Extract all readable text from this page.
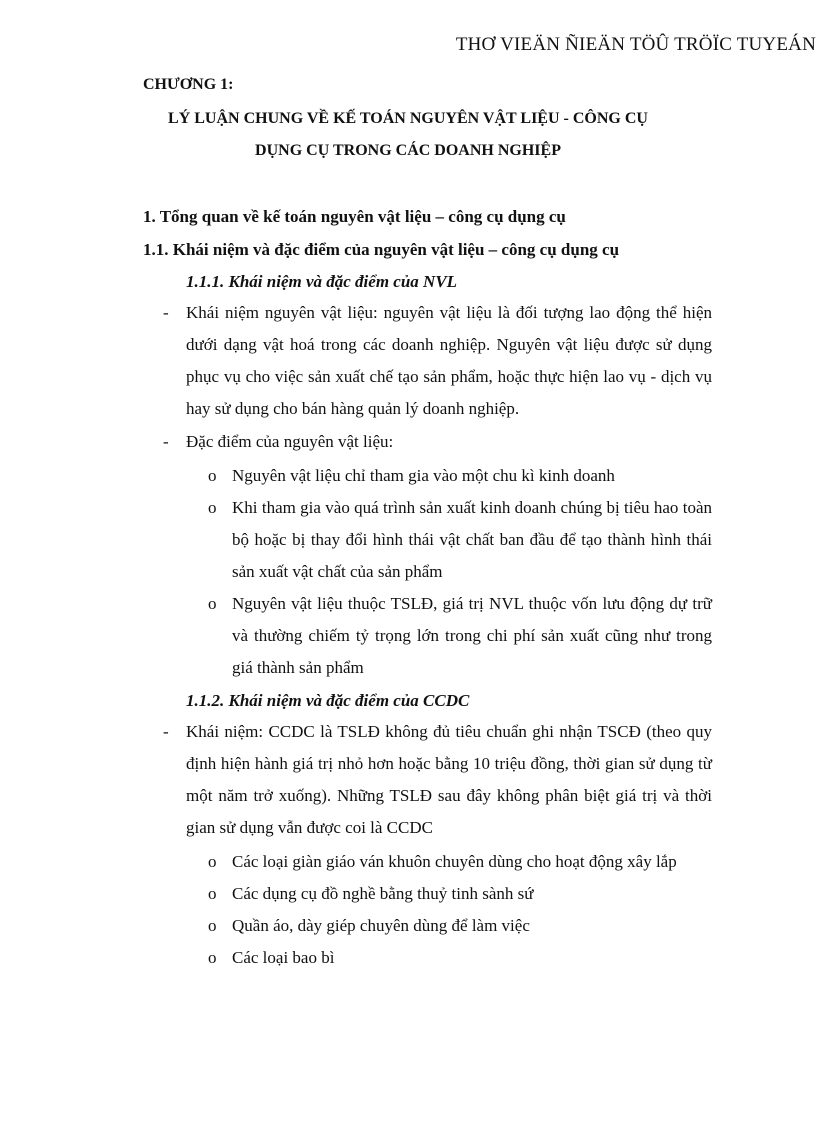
THƠ VIEÄN ÑIEÄN TÖÛ TRÖÏC TUYEÁN
CHƯƠNG 1:
LÝ LUẬN CHUNG VỀ KẾ TOÁN NGUYÊN VẬT LIỆU - CÔNG CỤ
DỤNG CỤ TRONG CÁC DOANH NGHIỆP
1. Tổng quan về kế toán nguyên vật liệu – công cụ dụng cụ
1.1. Khái niệm và đặc điểm của nguyên vật liệu – công cụ dụng cụ
1.1.1. Khái niệm và đặc điểm của NVL
- Khái niệm nguyên vật liệu: nguyên vật liệu là đối tượng lao động thể hiện dưới dạng vật hoá trong các doanh nghiệp. Nguyên vật liệu được sử dụng phục vụ cho việc sản xuất chế tạo sản phẩm, hoặc thực hiện lao vụ - dịch vụ hay sử dụng cho bán hàng quản lý doanh nghiệp.
- Đặc điểm của nguyên vật liệu:
o Nguyên vật liệu chỉ tham gia vào một chu kì kinh doanh
o Khi tham gia vào quá trình sản xuất kinh doanh chúng bị tiêu hao toàn bộ hoặc bị thay đổi hình thái vật chất ban đầu để tạo thành hình thái sản xuất vật chất của sản phẩm
o Nguyên vật liệu thuộc TSLĐ, giá trị NVL thuộc vốn lưu động dự trữ và thường chiếm tỷ trọng lớn trong chi phí sản xuất cũng như trong giá thành sản phẩm
1.1.2. Khái niệm và đặc điểm của CCDC
- Khái niệm: CCDC là TSLĐ không đủ tiêu chuẩn ghi nhận TSCĐ (theo quy định hiện hành giá trị nhỏ hơn hoặc bằng 10 triệu đồng, thời gian sử dụng từ một năm trở xuống). Những TSLĐ sau đây không phân biệt giá trị và thời gian sử dụng vẫn được coi là CCDC
o Các loại giàn giáo ván khuôn chuyên dùng cho hoạt động xây lắp
o Các dụng cụ đồ nghề bằng thuỷ tinh sành sứ
o Quần áo, dày giép chuyên dùng để làm việc
o Các loại bao bì
